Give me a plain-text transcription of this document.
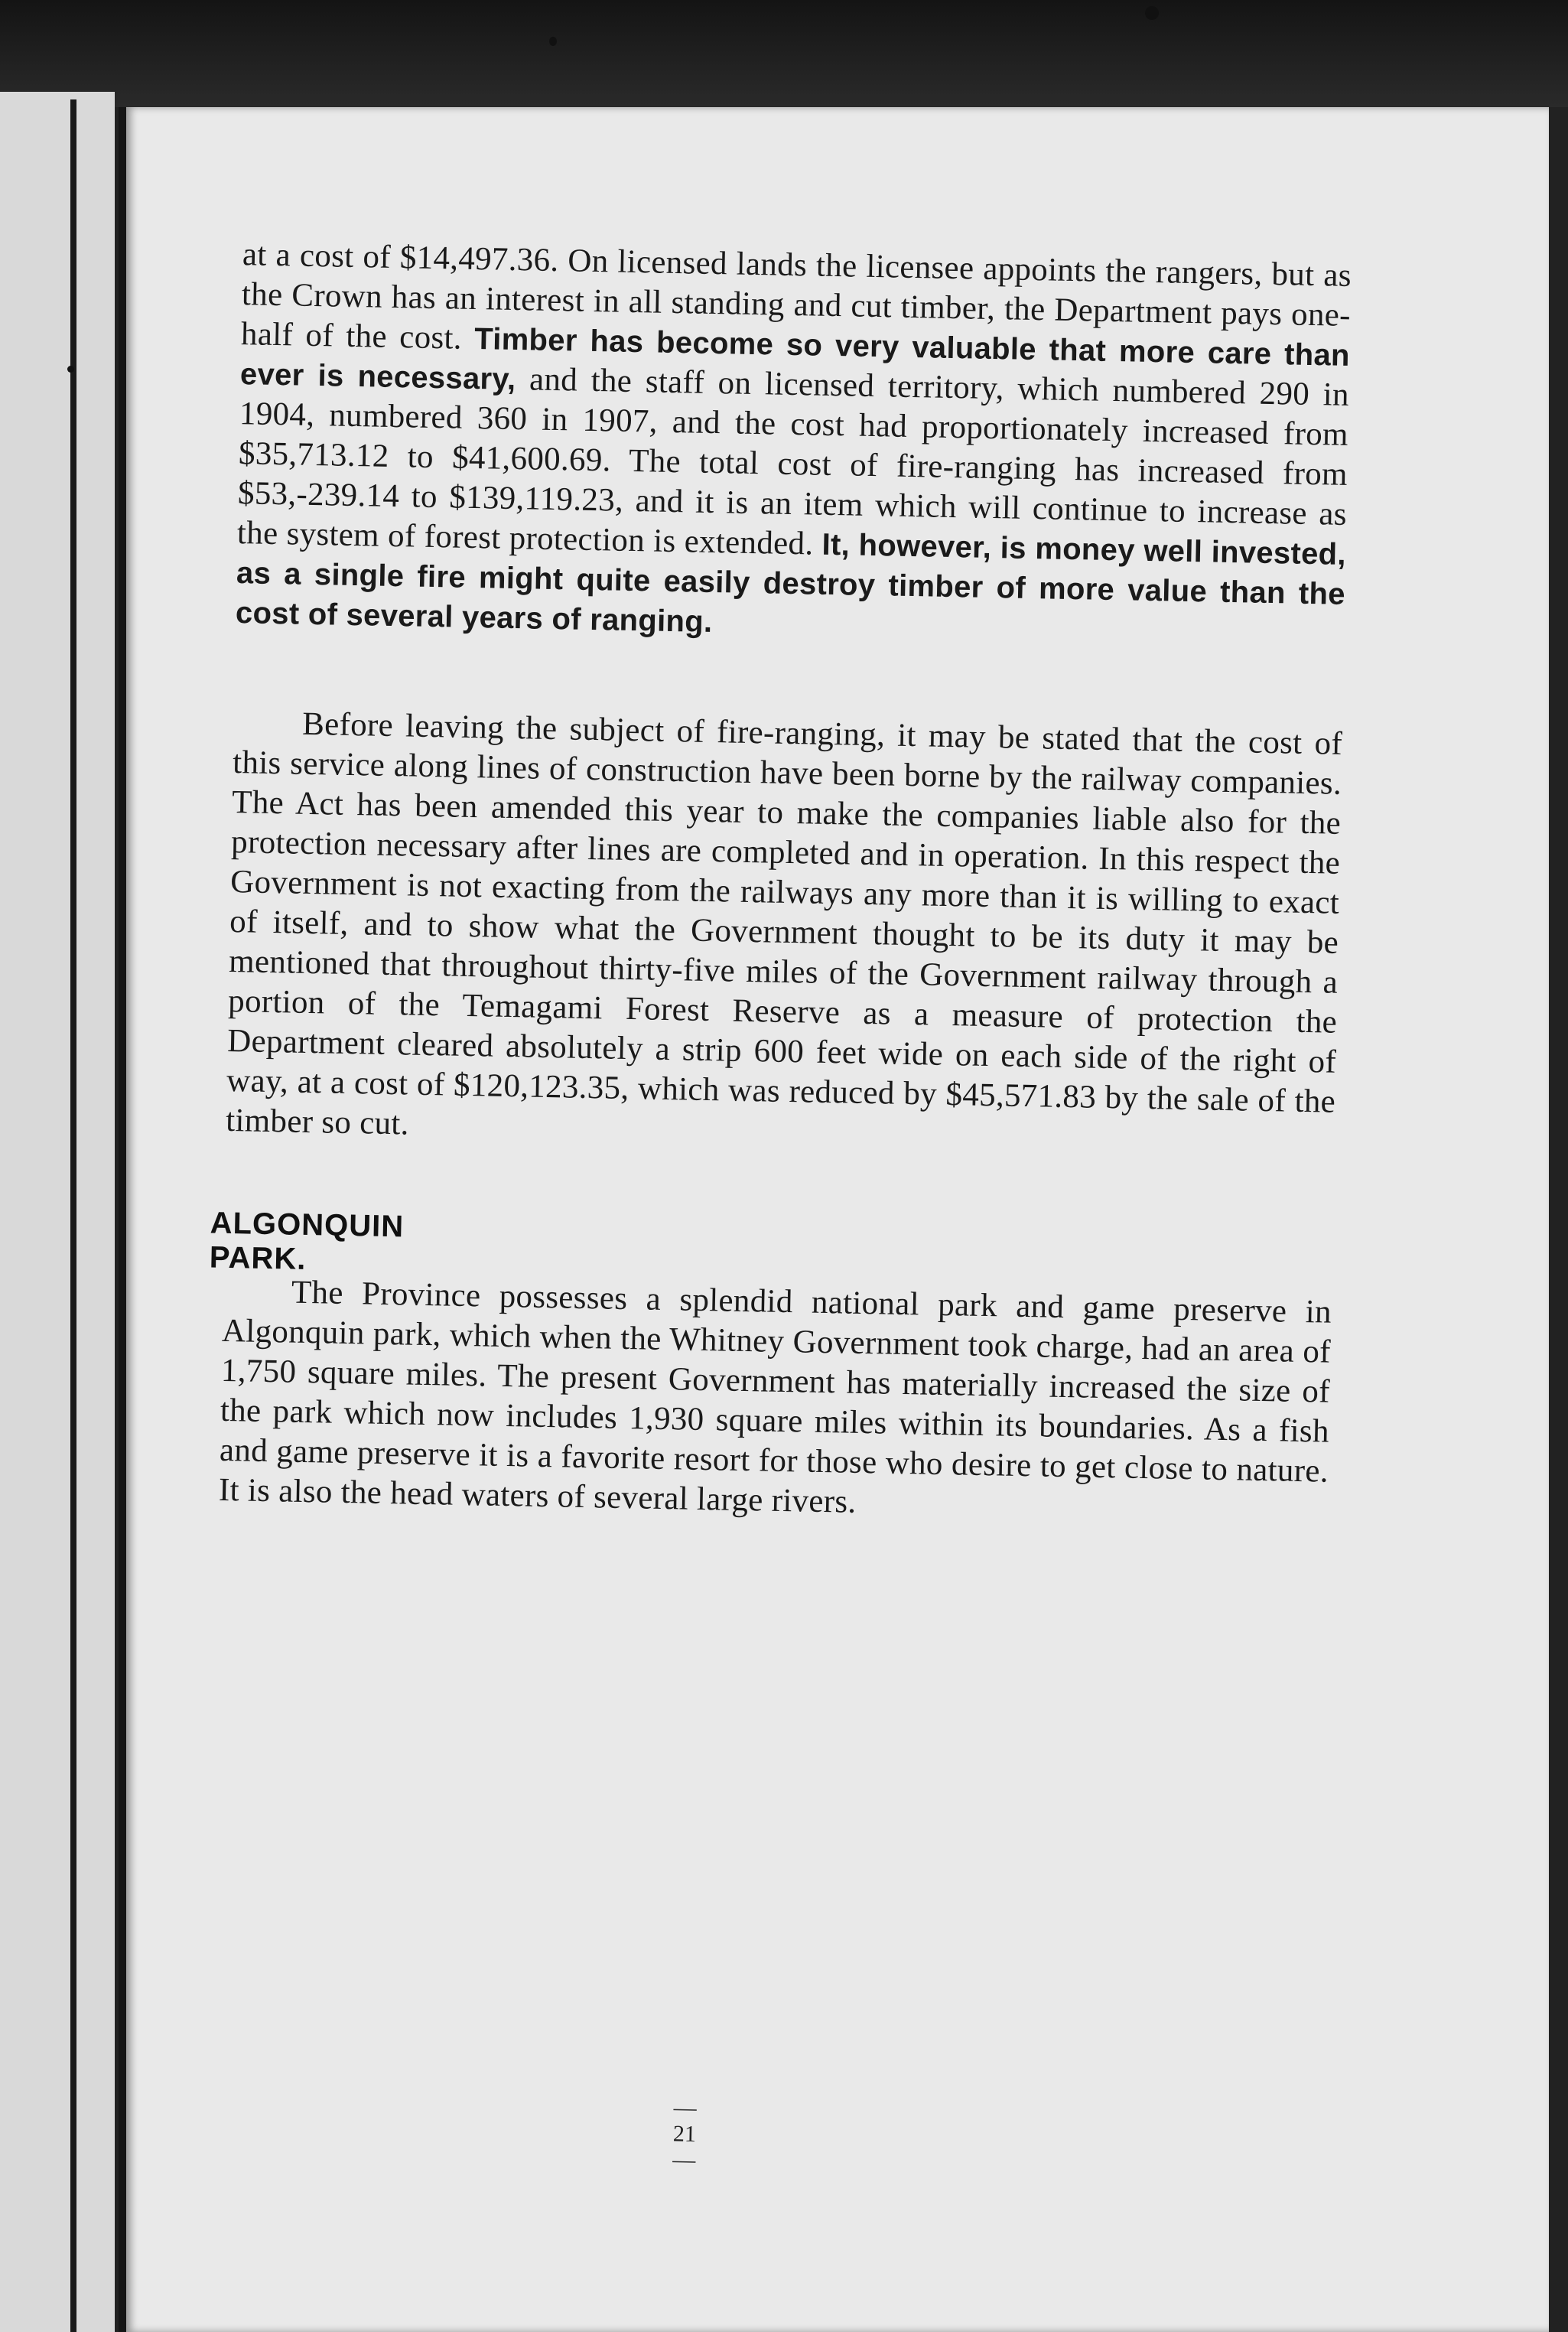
at a cost of $14,497.36. On licensed lands the licensee appoints the rangers, but as the Crown has an interest in all standing and cut timber, the Department pays one-half of the cost. Timber has become so very valuable that more care than ever is necessary, and the staff on licensed territory, which numbered 290 in 1904, numbered 360 in 1907, and the cost had proportionately increased from $35,713.12 to $41,600.69. The total cost of fire-ranging has increased from $53,-239.14 to $139,119.23, and it is an item which will continue to increase as the system of forest protection is extended. It, however, is money well invested, as a single fire might quite easily destroy timber of more value than the cost of several years of ranging.

Before leaving the subject of fire-ranging, it may be stated that the cost of this service along lines of construction have been borne by the railway companies. The Act has been amended this year to make the companies liable also for the protection necessary after lines are completed and in operation. In this respect the Government is not exacting from the railways any more than it is willing to exact of itself, and to show what the Government thought to be its duty it may be mentioned that throughout thirty-five miles of the Government railway through a portion of the Temagami Forest Reserve as a measure of protection the Department cleared absolutely a strip 600 feet wide on each side of the right of way, at a cost of $120,123.35, which was reduced by $45,571.83 by the sale of the timber so cut.

ALGONQUIN PARK.

The Province possesses a splendid national park and game preserve in Algonquin park, which when the Whitney Government took charge, had an area of 1,750 square miles. The present Government has materially increased the size of the park which now includes 1,930 square miles within its boundaries. As a fish and game preserve it is a favorite resort for those who desire to get close to nature. It is also the head waters of several large rivers.

—21—
